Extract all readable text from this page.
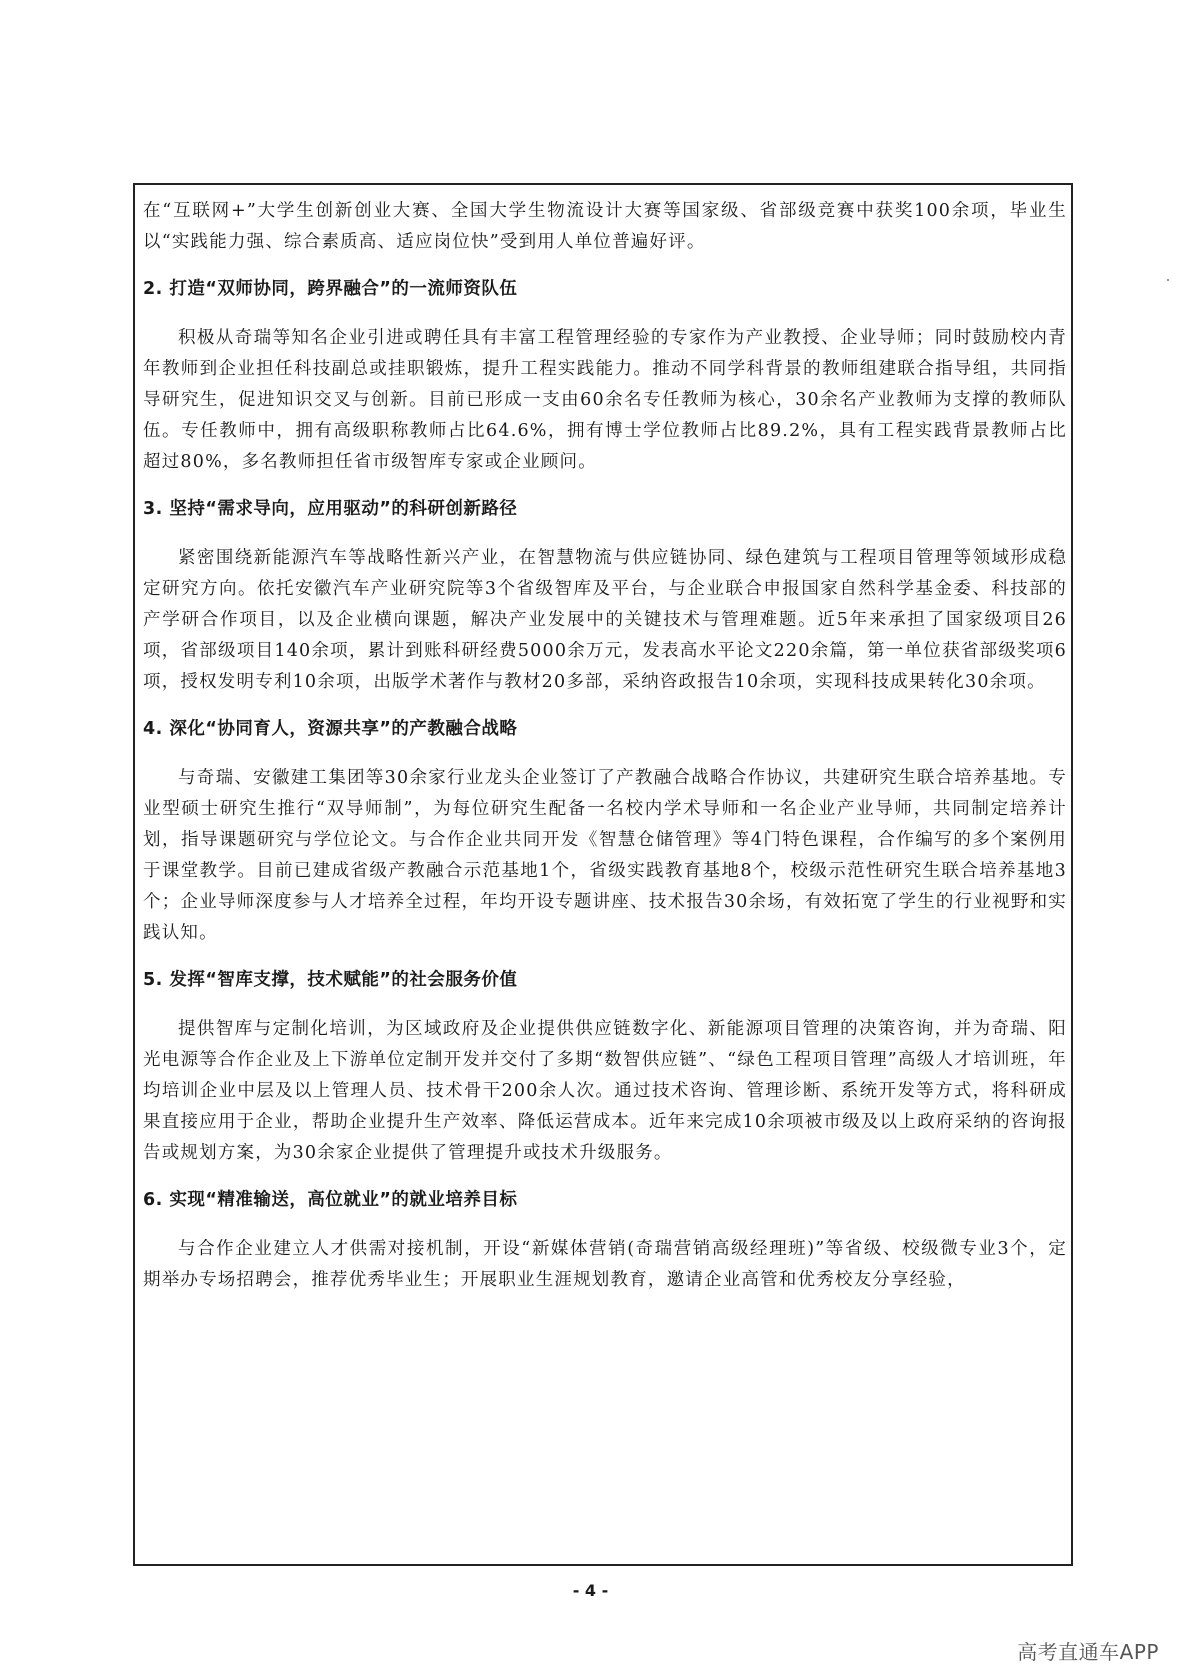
在“互联网+”大学生创新创业大赛、全国大学生物流设计大赛等国家级、省部级竞赛中获奖100余项，毕业生以“实践能力强、综合素质高、适应岗位快”受到用人单位普遍好评。

2. 打造“双师协同，跨界融合”的一流师资队伍

积极从奇瑞等知名企业引进或聘任具有丰富工程管理经验的专家作为产业教授、企业导师；同时鼓励校内青年教师到企业担任科技副总或挂职锻炼，提升工程实践能力。推动不同学科背景的教师组建联合指导组，共同指导研究生，促进知识交叉与创新。目前已形成一支由60余名专任教师为核心，30余名产业教师为支撑的教师队伍。专任教师中，拥有高级职称教师占比64.6%，拥有博士学位教师占比89.2%，具有工程实践背景教师占比超过80%，多名教师担任省市级智库专家或企业顾问。

3. 坚持“需求导向，应用驱动”的科研创新路径

紧密围绕新能源汽车等战略性新兴产业，在智慧物流与供应链协同、绿色建筑与工程项目管理等领域形成稳定研究方向。依托安徽汽车产业研究院等3个省级智库及平台，与企业联合申报国家自然科学基金委、科技部的产学研合作项目，以及企业横向课题，解决产业发展中的关键技术与管理难题。近5年来承担了国家级项目26项，省部级项目140余项，累计到账科研经费5000余万元，发表高水平论文220余篇，第一单位获省部级奖项6项，授权发明专利10余项，出版学术著作与教材20多部，采纳咨政报告10余项，实现科技成果转化30余项。

4. 深化“协同育人，资源共享”的产教融合战略

与奇瑞、安徽建工集团等30余家行业龙头企业签订了产教融合战略合作协议，共建研究生联合培养基地。专业型硕士研究生推行“双导师制”，为每位研究生配备一名校内学术导师和一名企业产业导师，共同制定培养计划，指导课题研究与学位论文。与合作企业共同开发《智慧仓储管理》等4门特色课程，合作编写的多个案例用于课堂教学。目前已建成省级产教融合示范基地1个，省级实践教育基地8个，校级示范性研究生联合培养基地3个；企业导师深度参与人才培养全过程，年均开设专题讲座、技术报告30余场，有效拓宽了学生的行业视野和实践认知。

5. 发挥“智库支撑，技术赋能”的社会服务价值

提供智库与定制化培训，为区域政府及企业提供供应链数字化、新能源项目管理的决策咨询，并为奇瑞、阳光电源等合作企业及上下游单位定制开发并交付了多期“数智供应链”、“绿色工程项目管理”高级人才培训班，年均培训企业中层及以上管理人员、技术骨干200余人次。通过技术咨询、管理诊断、系统开发等方式，将科研成果直接应用于企业，帮助企业提升生产效率、降低运营成本。近年来完成10余项被市级及以上政府采纳的咨询报告或规划方案，为30余家企业提供了管理提升或技术升级服务。

6. 实现“精准输送，高位就业”的就业培养目标

与合作企业建立人才供需对接机制，开设“新媒体营销(奇瑞营销高级经理班)”等省级、校级微专业3个，定期举办专场招聘会，推荐优秀毕业生；开展职业生涯规划教育，邀请企业高管和优秀校友分享经验，

- 4 -
高考直通车APP
